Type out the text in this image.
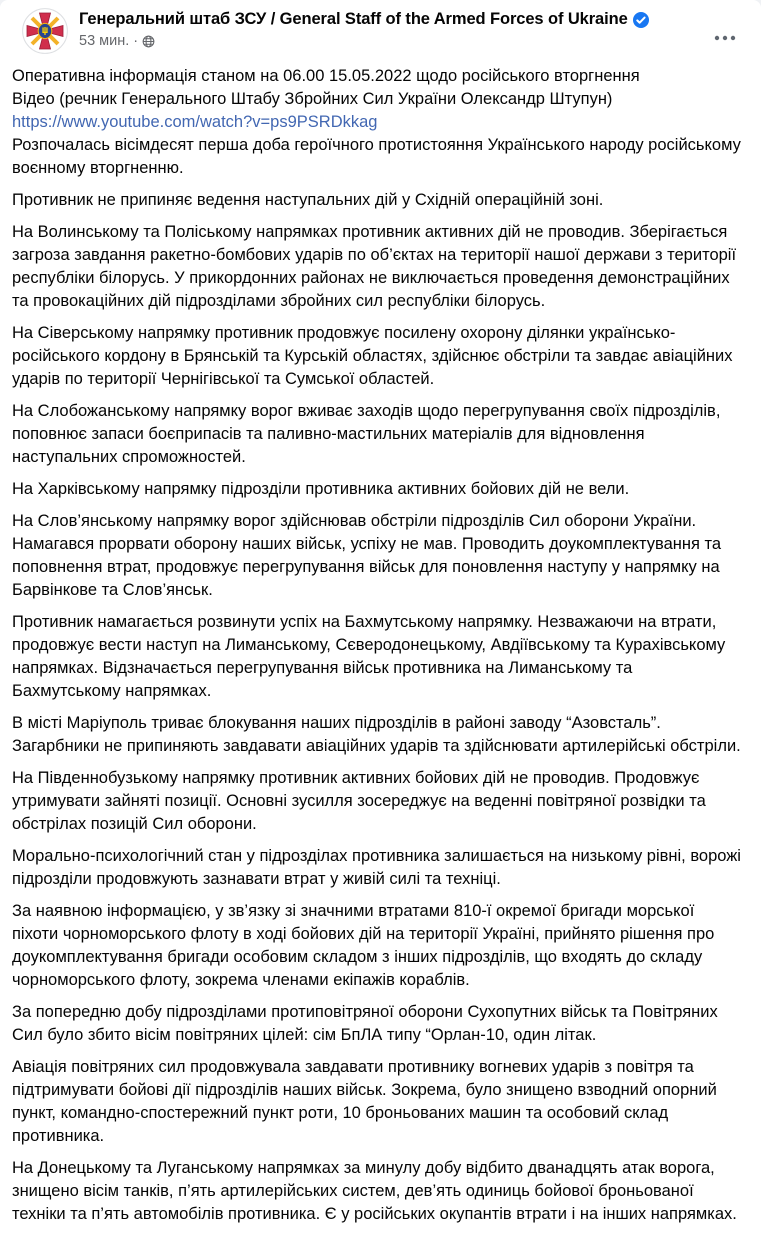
Генеральний штаб ЗСУ / General Staff of the Armed Forces of Ukraine
53 мин. ·
Оперативна інформація станом на 06.00 15.05.2022 щодо російського вторгнення
Відео (речник Генерального Штабу Збройних Сил України Олександр Штупун)
https://www.youtube.com/watch?v=ps9PSRDkkag
Розпочалась вісімдесят перша доба героїчного протистояння Українського народу російському воєнному вторгненню.
Противник не припиняє ведення наступальних дій у Східній операційній зоні.
На Волинському та Поліському напрямках противник активних дій не проводив. Зберігається загроза завдання ракетно-бомбових ударів по об’єктах на території нашої держави з території республіки білорусь. У прикордонних районах не виключається проведення демонстраційних та провокаційних дій підрозділами збройних сил республіки білорусь.
На Сіверському напрямку противник продовжує посилену охорону ділянки українсько-російського кордону в Брянській та Курській областях, здійснює обстріли та завдає авіаційних ударів по території Чернігівської та Сумської областей.
На Слобожанському напрямку ворог вживає заходів щодо перегрупування своїх підрозділів, поповнює запаси боєприпасів та паливно-мастильних матеріалів для відновлення наступальних спроможностей.
На Харківському напрямку підрозділи противника активних бойових дій не вели.
На Слов’янському напрямку ворог здійснював обстріли підрозділів Сил оборони України. Намагався прорвати оборону наших військ, успіху не мав. Проводить доукомплектування та поповнення втрат, продовжує перегрупування військ для поновлення наступу у напрямку на Барвінкове та Слов’янськ.
Противник намагається розвинути успіх на Бахмутському напрямку. Незважаючи на втрати, продовжує вести наступ на Лиманському, Сєверодонецькому, Авдіївському та Курахівському напрямках. Відзначається перегрупування військ противника на Лиманському та Бахмутському напрямках.
В місті Маріуполь триває блокування наших підрозділів в районі заводу “Азовсталь”. Загарбники не припиняють завдавати авіаційних ударів та здійснювати артилерійські обстріли.
На Південнобузькому напрямку противник активних бойових дій не проводив. Продовжує утримувати зайняті позиції. Основні зусилля зосереджує на веденні повітряної розвідки та обстрілах позицій Сил оборони.
Морально-психологічний стан у підрозділах противника залишається на низькому рівні, ворожі підрозділи продовжують зазнавати втрат у живій силі та техніці.
За наявною інформацією, у зв’язку зі значними втратами 810-ї окремої бригади морської піхоти чорноморського флоту в ході бойових дій на території Україні, прийнято рішення про доукомплектування бригади особовим складом з інших підрозділів, що входять до складу чорноморського флоту, зокрема членами екіпажів кораблів.
За попередню добу підрозділами протиповітряної оборони Сухопутних військ та Повітряних Сил було збито вісім повітряних цілей: сім БпЛА типу “Орлан-10, один літак.
Авіація повітряних сил продовжувала завдавати противнику вогневих ударів з повітря та підтримувати бойові дії підрозділів наших військ. Зокрема, було знищено взводний опорний пункт, командно-спостережний пункт роти, 10 броньованих машин та особовий склад противника.
На Донецькому та Луганському напрямках за минулу добу відбито дванадцять атак ворога, знищено вісім танків, п’ять артилерійських систем, дев’ять одиниць бойової броньованої техніки та п’ять автомобілів противника. Є у російських окупантів втрати і на інших напрямках.
